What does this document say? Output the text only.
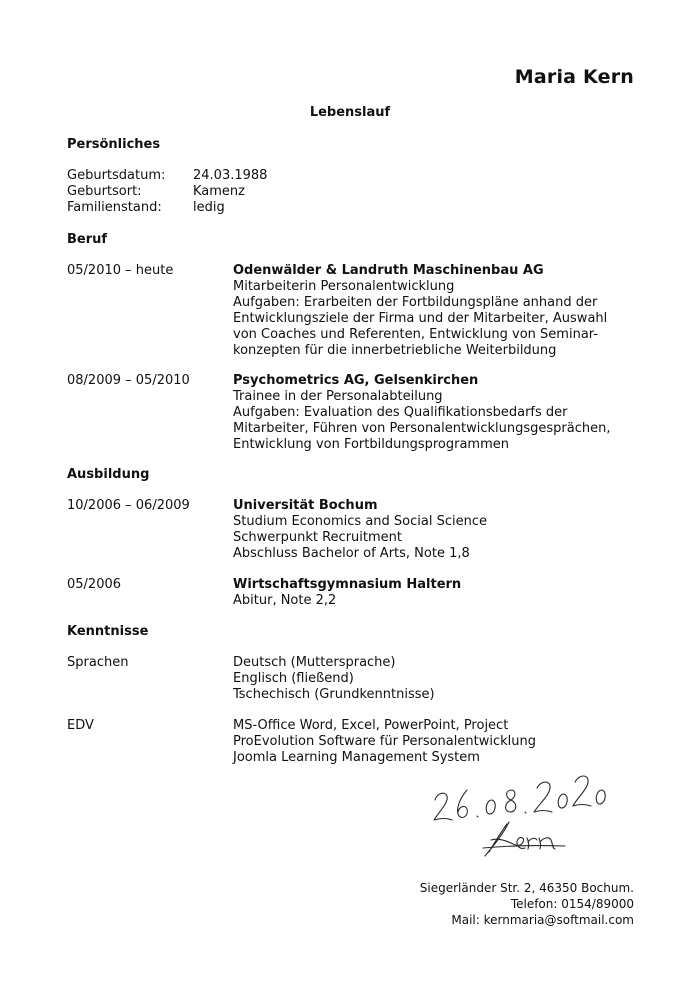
Maria Kern
Lebenslauf
Persönliches
Geburtsdatum: 24.03.1988
Geburtsort:	Kamenz
Familienstand: ledig
Beruf
05/2010 – heute	Odenwälder & Landruth Maschinenbau AG
Mitarbeiterin Personalentwicklung
Aufgaben: Erarbeiten der Fortbildungspläne anhand der
Entwicklungsziele der Firma und der Mitarbeiter, Auswahl
von Coaches und Referenten, Entwicklung von Seminar-
konzepten für die innerbetriebliche Weiterbildung
08/2009 – 05/2010	Psychometrics AG, Gelsenkirchen
Trainee in der Personalabteilung
Aufgaben: Evaluation des Qualifikationsbedarfs der
Mitarbeiter, Führen von Personalentwicklungsgesprächen,
Entwicklung von Fortbildungsprogrammen
Ausbildung
10/2006 – 06/2009	Universität Bochum
Studium Economics and Social Science
Schwerpunkt Recruitment
Abschluss Bachelor of Arts, Note 1,8
05/2006	Wirtschaftsgymnasium Haltern
Abitur, Note 2,2
Kenntnisse
Sprachen	Deutsch (Muttersprache)
Englisch (fließend)
Tschechisch (Grundkenntnisse)
EDV	MS-Office Word, Excel, PowerPoint, Project
ProEvolution Software für Personalentwicklung
Joomla Learning Management System
Siegerländer Str. 2, 46350 Bochum.
Telefon: 0154/89000
Mail: kernmaria@softmail.com
